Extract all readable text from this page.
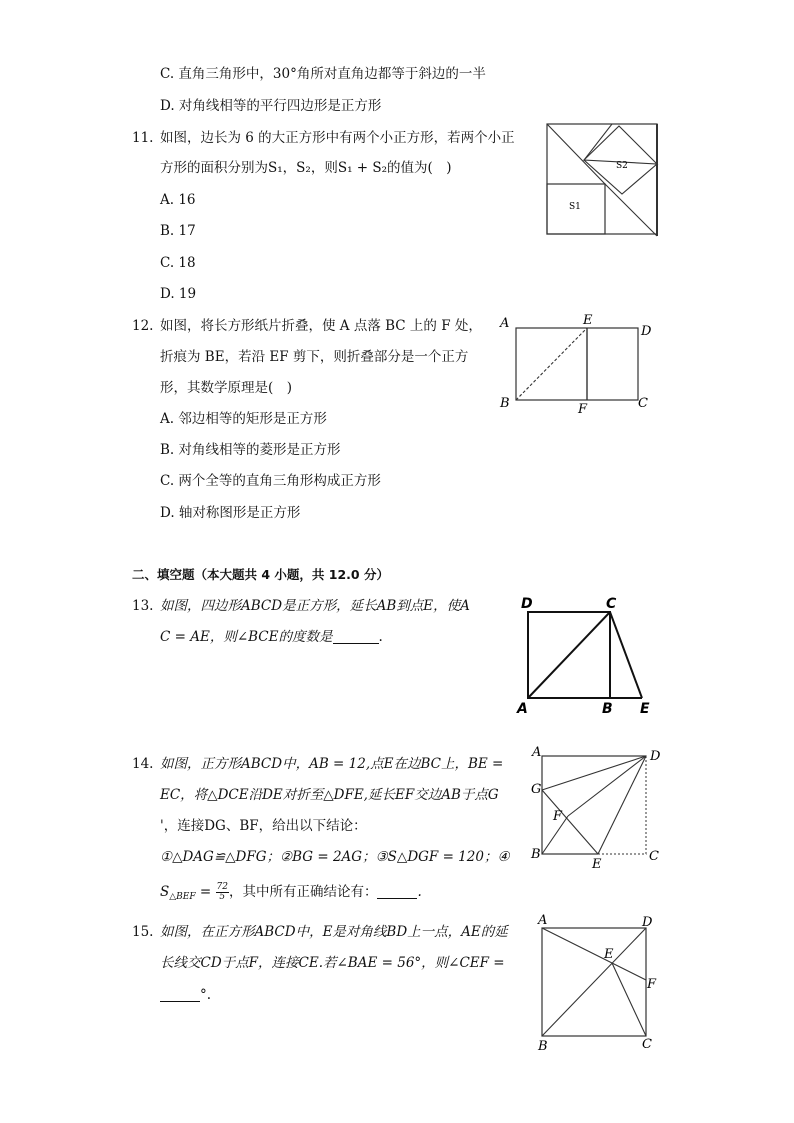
C. 直角三角形中，30°角所对直角边都等于斜边的一半
D. 对角线相等的平行四边形是正方形
11. 如图，边长为 6 的大正方形中有两个小正方形，若两个小正
方形的面积分别为S₁，S₂，则S₁ + S₂的值为(　)
A. 16
B. 17
C. 18
D. 19
S2
S1
12. 如图，将长方形纸片折叠，使 A 点落 BC 上的 F 处，
折痕为 BE，若沿 EF 剪下，则折叠部分是一个正方
形，其数学原理是(　)
A. 邻边相等的矩形是正方形
B. 对角线相等的菱形是正方形
C. 两个全等的直角三角形构成正方形
D. 轴对称图形是正方形
A	E
D
B	F	C
二、填空题（本大题共 4 小题，共 12.0 分）
13. 如图，四边形ABCD是正方形，延长AB到点E，使A
C = AE，则∠BCE的度数是	.
D	C
A	B E
14. 如图，正方形ABCD中，AB = 12,点E在边BC上，BE =
EC，将△DCE沿DE对折至△DFE,延长EF交边AB于点G
'，连接DG、BF，给出以下结论：
①△DAG≌△DFG；②BG = 2AG；③S△DGF = 120；④
$S_{\triangle BEF} = \frac{72}{5}$ ，其中所有正确结论有：	.
A	D
G
F
B
E
C
15. 如图，在正方形ABCD中，E是对角线BD上一点，AE的延
长线交CD于点F，连接CE.若∠BAE = 56°，则∠CEF =
°.
A	D
E
F
B	C
